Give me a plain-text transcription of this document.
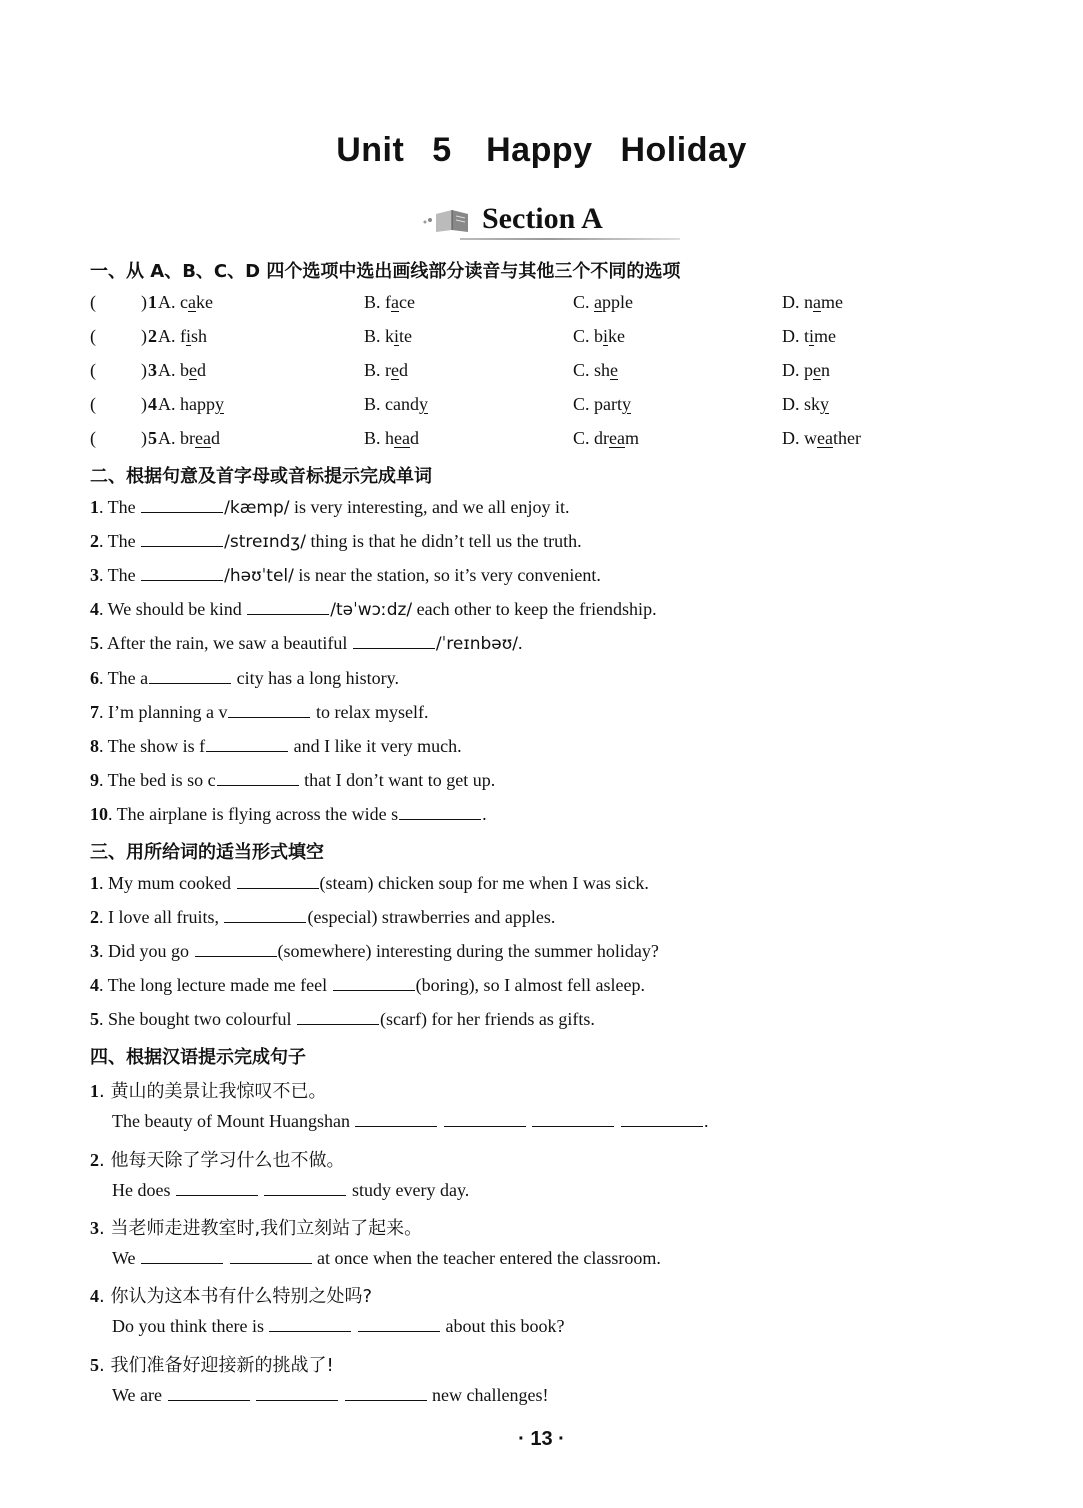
Unit 5　Happy Holiday
Section A
一、从 A、B、C、D 四个选项中选出画线部分读音与其他三个不同的选项
(   ) 1 A. cake	B. face	C. apple	D. name
(   ) 2 A. fish	B. kite	C. bike	D. time
(   ) 3 A. bed	B. red	C. she	D. pen
(   ) 4 A. happy	B. candy	C. party	D. sky
(   ) 5 A. bread	B. head	C. dream	D. weather
二、根据句意及首字母或音标提示完成单词
1. The	/kæmp/ is very interesting, and we all enjoy it.
2. The	/streɪndʒ/ thing is that he didn’t tell us the truth.
3. The	/həʊˈtel/ is near the station, so it’s very convenient.
4. We should be kind	/təˈwɔːdz/ each other to keep the friendship.
5. After the rain, we saw a beautiful	/ˈreɪnbəʊ/.
6. The a	city has a long history.
7. I’m planning a v	to relax myself.
8. The show is f	and I like it very much.
9. The bed is so c	that I don’t want to get up.
10. The airplane is flying across the wide s	.
三、用所给词的适当形式填空
1. My mum cooked	(steam) chicken soup for me when I was sick.
2. I love all fruits,	(especial) strawberries and apples.
3. Did you go	(somewhere) interesting during the summer holiday?
4. The long lecture made me feel	(boring), so I almost fell asleep.
5. She bought two colourful	(scarf) for her friends as gifts.
四、根据汉语提示完成句子
1. 黄山的美景让我惊叹不已。
The beauty of Mount Huangshan	.
2. 他每天除了学习什么也不做。
He does	study every day.
3. 当老师走进教室时,我们立刻站了起来。
We	at once when the teacher entered the classroom.
4. 你认为这本书有什么特别之处吗?
Do you think there is	about this book?
5. 我们准备好迎接新的挑战了!
We are	new challenges!
· 13 ·
